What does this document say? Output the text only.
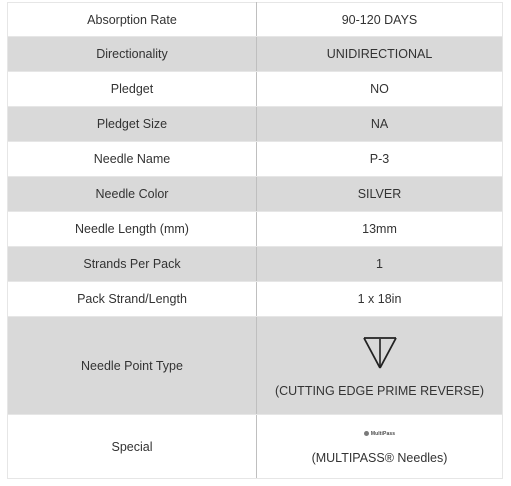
Absorption Rate	90-120 DAYS
Directionality	UNIDIRECTIONAL
Pledget	NO
Pledget Size	NA
Needle Name	P-3
Needle Color	SILVER
Needle Length (mm)	13mm
Strands Per Pack	1
Pack Strand/Length	1 x 18in
Needle Point Type	(CUTTING EDGE PRIME REVERSE)

Special	MultiPass
(MULTIPASS® Needles)
